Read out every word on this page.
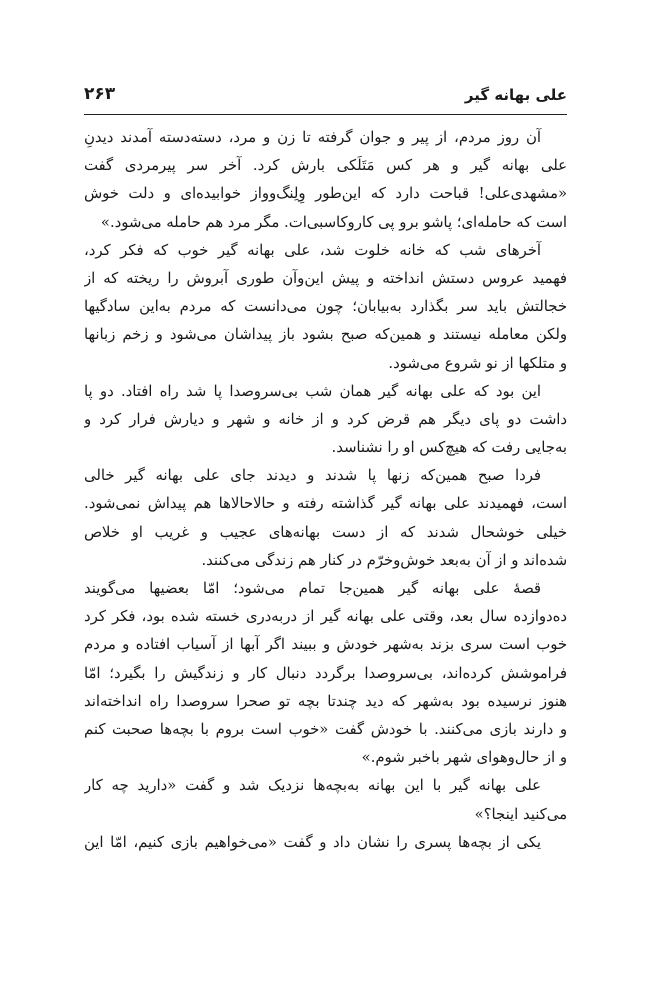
علی بهانه گیر
۲۶۳
آن روز مردم، از پیر و جوان گرفته تا زن و مرد، دسته‌دسته آمدند دیدنِ
علی بهانه گیر و هر کس مَتَلَکی بارش کرد. آخر سر پیرمردی گفت
«مشهدی‌علی! قباحت دارد که این‌طور وِلِنگ‌وواز خوابیده‌ای و دلت خوش
است که حامله‌ای؛ پاشو برو پی کاروکاسبی‌ات. مگر مرد هم حامله می‌شود.»
آخرهای شب که خانه خلوت شد، علی بهانه گیر خوب که فکر کرد،
فهمید عروس دستش انداخته و پیش این‌وآن طوری آبروش را ریخته که از
خجالتش باید سر بگذارد به‌بیابان؛ چون می‌دانست که مردم به‌این سادگیها
ولکن معامله نیستند و همین‌که صبح بشود باز پیداشان می‌شود و زخم زبانها
و متلکها از نو شروع می‌شود.
این بود که علی بهانه گیر همان شب بی‌سروصدا پا شد راه افتاد. دو پا
داشت دو پای دیگر هم قرض کرد و از خانه و شهر و دیارش فرار کرد و
به‌جایی رفت که هیچ‌کس او را نشناسد.
فردا صبح همین‌که زنها پا شدند و دیدند جای علی بهانه گیر خالی
است، فهمیدند علی بهانه گیر گذاشته رفته و حالاحالاها هم پیداش نمی‌شود.
خیلی خوشحال شدند که از دست بهانه‌های عجیب و غریب او خلاص
شده‌اند و از آن به‌بعد خوش‌وخرّم در کنار هم زندگی می‌کنند.
قصهٔ علی بهانه گیر همین‌جا تمام می‌شود؛ امّا بعضیها می‌گویند
ده‌دوازده سال بعد، وقتی علی بهانه گیر از دربه‌دری خسته شده بود، فکر کرد
خوب است سری بزند به‌شهر خودش و ببیند اگر آبها از آسیاب افتاده و مردم
فراموشش کرده‌اند، بی‌سروصدا برگردد دنبال کار و زندگیش را بگیرد؛ امّا
هنوز نرسیده بود به‌شهر که دید چندتا بچه تو صحرا سروصدا راه انداخته‌اند
و دارند بازی می‌کنند. با خودش گفت «خوب است بروم با بچه‌ها صحبت کنم
و از حال‌وهوای شهر باخبر شوم.»
علی بهانه گیر با این بهانه به‌بچه‌ها نزدیک شد و گفت «دارید چه کار
می‌کنید اینجا؟»
یکی از بچه‌ها پسری را نشان داد و گفت «می‌خواهیم بازی کنیم، امّا این
